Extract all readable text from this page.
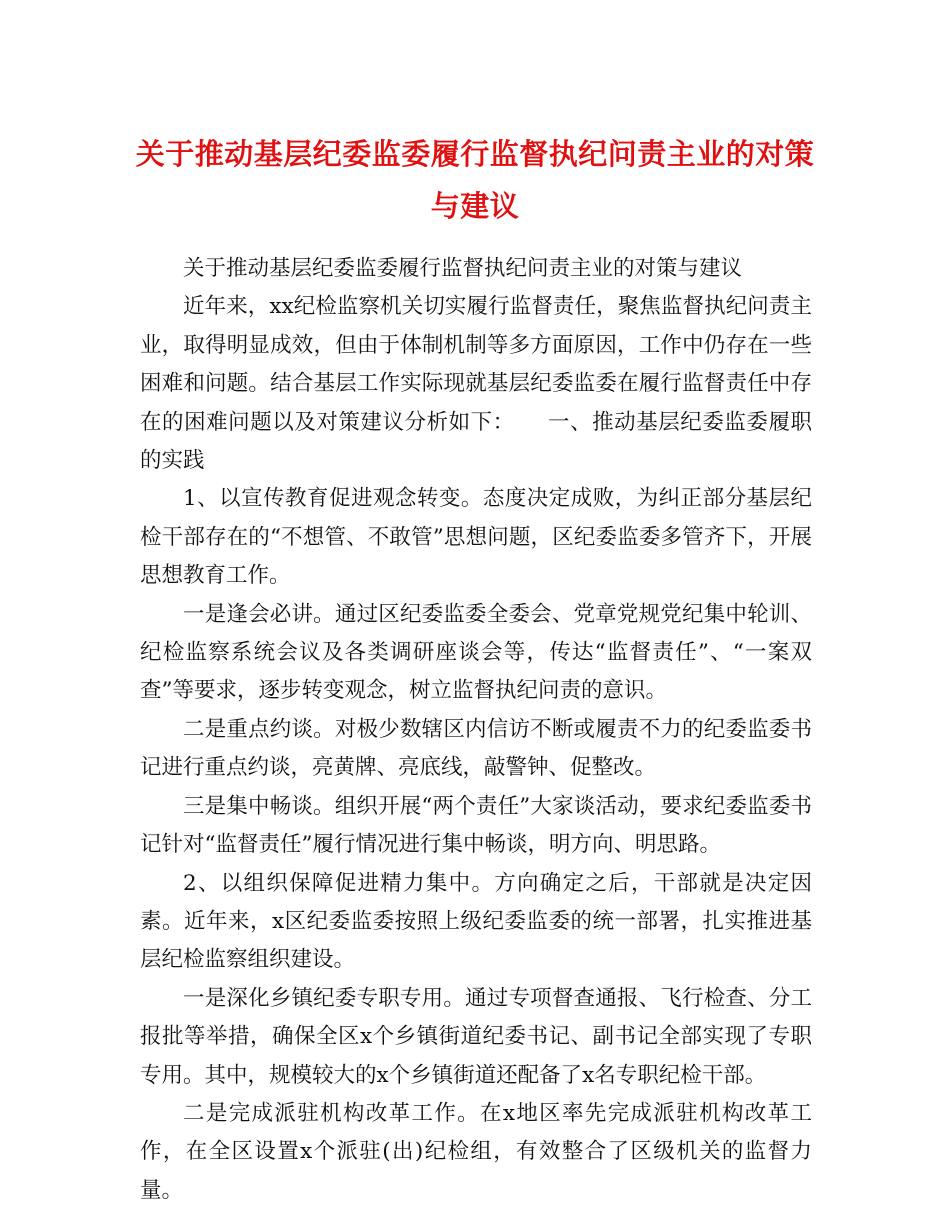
关于推动基层纪委监委履行监督执纪问责主业的对策与建议

关于推动基层纪委监委履行监督执纪问责主业的对策与建议

近年来，xx纪检监察机关切实履行监督责任，聚焦监督执纪问责主业，取得明显成效，但由于体制机制等多方面原因，工作中仍存在一些困难和问题。结合基层工作实际现就基层纪委监委在履行监督责任中存在的困难问题以及对策建议分析如下：　　一、推动基层纪委监委履职的实践

1、以宣传教育促进观念转变。态度决定成败，为纠正部分基层纪检干部存在的“不想管、不敢管”思想问题，区纪委监委多管齐下，开展思想教育工作。

一是逢会必讲。通过区纪委监委全委会、党章党规党纪集中轮训、纪检监察系统会议及各类调研座谈会等，传达“监督责任”、“一案双查”等要求，逐步转变观念，树立监督执纪问责的意识。

二是重点约谈。对极少数辖区内信访不断或履责不力的纪委监委书记进行重点约谈，亮黄牌、亮底线，敲警钟、促整改。

三是集中畅谈。组织开展“两个责任”大家谈活动，要求纪委监委书记针对“监督责任”履行情况进行集中畅谈，明方向、明思路。

2、以组织保障促进精力集中。方向确定之后，干部就是决定因素。近年来，x区纪委监委按照上级纪委监委的统一部署，扎实推进基层纪检监察组织建设。

一是深化乡镇纪委专职专用。通过专项督查通报、飞行检查、分工报批等举措，确保全区x个乡镇街道纪委书记、副书记全部实现了专职专用。其中，规模较大的x个乡镇街道还配备了x名专职纪检干部。

二是完成派驻机构改革工作。在x地区率先完成派驻机构改革工作，在全区设置x个派驻(出)纪检组，有效整合了区级机关的监督力量。
